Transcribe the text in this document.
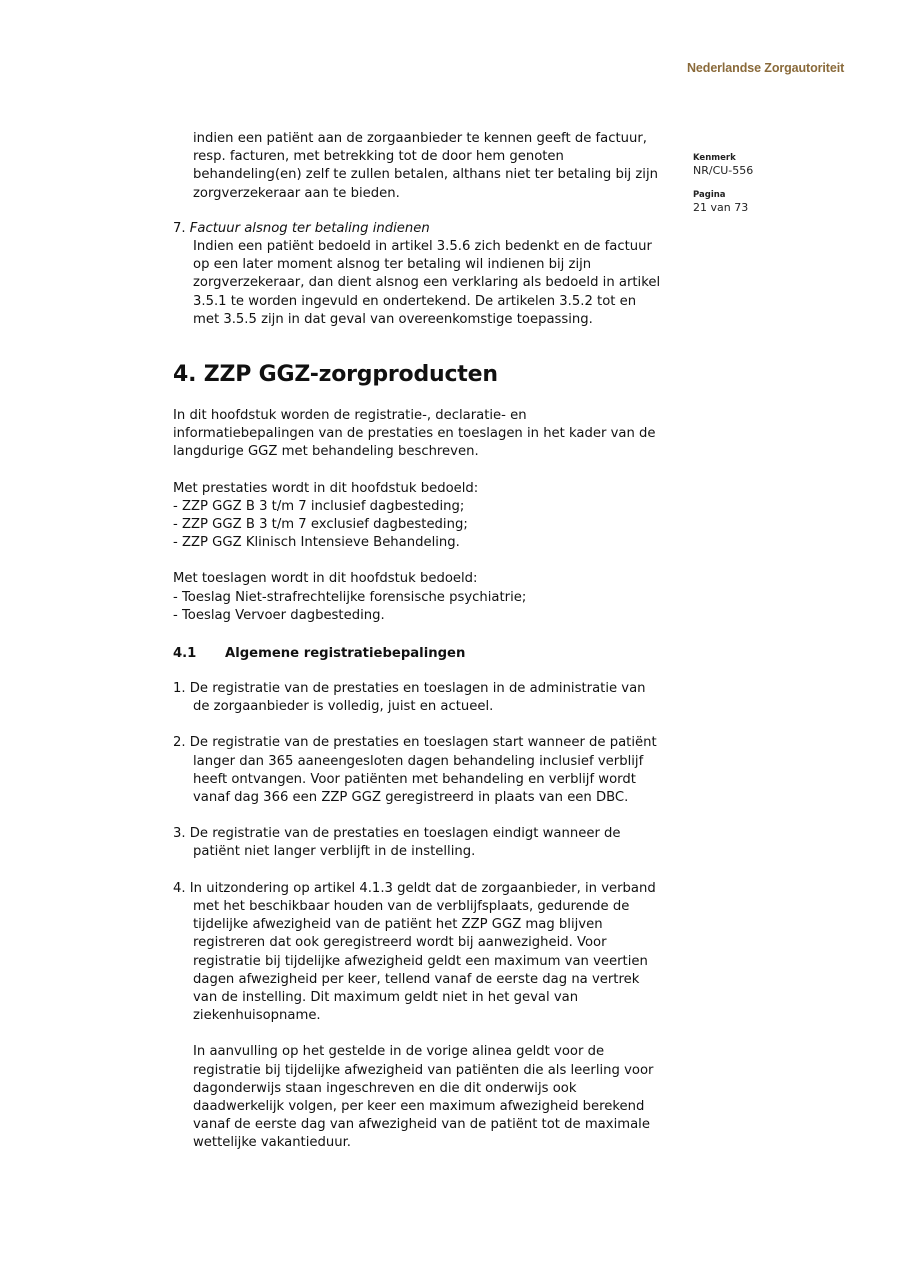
Nederlandse Zorgautoriteit
Kenmerk
NR/CU-556
Pagina
21 van 73

indien een patiënt aan de zorgaanbieder te kennen geeft de factuur,

resp. facturen, met betrekking tot de door hem genoten

behandeling(en) zelf te zullen betalen, althans niet ter betaling bij zijn

zorgverzekeraar aan te bieden.

7. Factuur alsnog ter betaling indienen

Indien een patiënt bedoeld in artikel 3.5.6 zich bedenkt en de factuur

op een later moment alsnog ter betaling wil indienen bij zijn

zorgverzekeraar, dan dient alsnog een verklaring als bedoeld in artikel

3.5.1 te worden ingevuld en ondertekend. De artikelen 3.5.2 tot en

met 3.5.5 zijn in dat geval van overeenkomstige toepassing.

4. ZZP GGZ-zorgproducten

In dit hoofdstuk worden de registratie-, declaratie- en

informatiebepalingen van de prestaties en toeslagen in het kader van de

langdurige GGZ met behandeling beschreven.

Met prestaties wordt in dit hoofdstuk bedoeld:

- ZZP GGZ B 3 t/m 7 inclusief dagbesteding;

- ZZP GGZ B 3 t/m 7 exclusief dagbesteding;

- ZZP GGZ Klinisch Intensieve Behandeling.

Met toeslagen wordt in dit hoofdstuk bedoeld:

- Toeslag Niet-strafrechtelijke forensische psychiatrie;

- Toeslag Vervoer dagbesteding.

4.1	Algemene registratiebepalingen

1. De registratie van de prestaties en toeslagen in de administratie van

de zorgaanbieder is volledig, juist en actueel.

2. De registratie van de prestaties en toeslagen start wanneer de patiënt

langer dan 365 aaneengesloten dagen behandeling inclusief verblijf

heeft ontvangen. Voor patiënten met behandeling en verblijf wordt

vanaf dag 366 een ZZP GGZ geregistreerd in plaats van een DBC.

3. De registratie van de prestaties en toeslagen eindigt wanneer de

patiënt niet langer verblijft in de instelling.

4. In uitzondering op artikel 4.1.3 geldt dat de zorgaanbieder, in verband

met het beschikbaar houden van de verblijfsplaats, gedurende de

tijdelijke afwezigheid van de patiënt het ZZP GGZ mag blijven

registreren dat ook geregistreerd wordt bij aanwezigheid. Voor

registratie bij tijdelijke afwezigheid geldt een maximum van veertien

dagen afwezigheid per keer, tellend vanaf de eerste dag na vertrek

van de instelling. Dit maximum geldt niet in het geval van

ziekenhuisopname.

In aanvulling op het gestelde in de vorige alinea geldt voor de

registratie bij tijdelijke afwezigheid van patiënten die als leerling voor

dagonderwijs staan ingeschreven en die dit onderwijs ook

daadwerkelijk volgen, per keer een maximum afwezigheid berekend

vanaf de eerste dag van afwezigheid van de patiënt tot de maximale

wettelijke vakantieduur.
